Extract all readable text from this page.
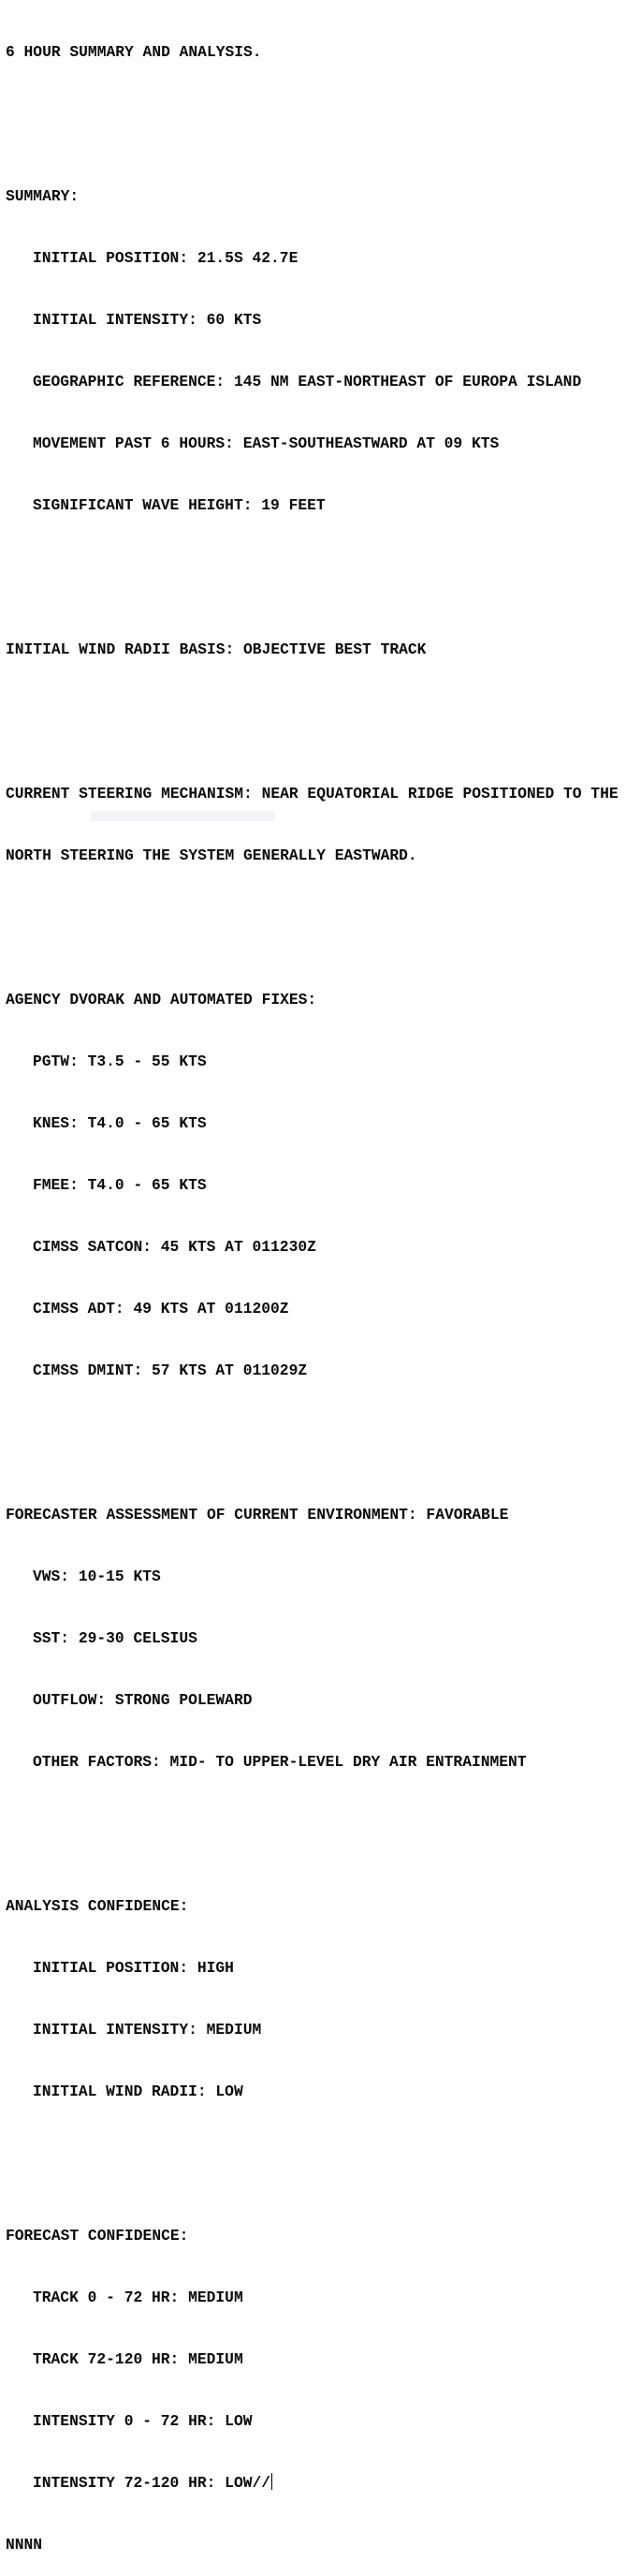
6 HOUR SUMMARY AND ANALYSIS.

SUMMARY:

INITIAL POSITION: 21.5S 42.7E

INITIAL INTENSITY: 60 KTS

GEOGRAPHIC REFERENCE: 145 NM EAST-NORTHEAST OF EUROPA ISLAND

MOVEMENT PAST 6 HOURS: EAST-SOUTHEASTWARD AT 09 KTS

SIGNIFICANT WAVE HEIGHT: 19 FEET

INITIAL WIND RADII BASIS: OBJECTIVE BEST TRACK

CURRENT STEERING MECHANISM: NEAR EQUATORIAL RIDGE POSITIONED TO THE

NORTH STEERING THE SYSTEM GENERALLY EASTWARD.

AGENCY DVORAK AND AUTOMATED FIXES:

PGTW: T3.5 - 55 KTS

KNES: T4.0 - 65 KTS

FMEE: T4.0 - 65 KTS

CIMSS SATCON: 45 KTS AT 011230Z

CIMSS ADT: 49 KTS AT 011200Z

CIMSS DMINT: 57 KTS AT 011029Z

FORECASTER ASSESSMENT OF CURRENT ENVIRONMENT: FAVORABLE

VWS: 10-15 KTS

SST: 29-30 CELSIUS

OUTFLOW: STRONG POLEWARD

OTHER FACTORS: MID- TO UPPER-LEVEL DRY AIR ENTRAINMENT

ANALYSIS CONFIDENCE:

INITIAL POSITION: HIGH

INITIAL INTENSITY: MEDIUM

INITIAL WIND RADII: LOW

FORECAST CONFIDENCE:

TRACK 0 - 72 HR: MEDIUM

TRACK 72-120 HR: MEDIUM

INTENSITY 0 - 72 HR: LOW

INTENSITY 72-120 HR: LOW//

NNNN
